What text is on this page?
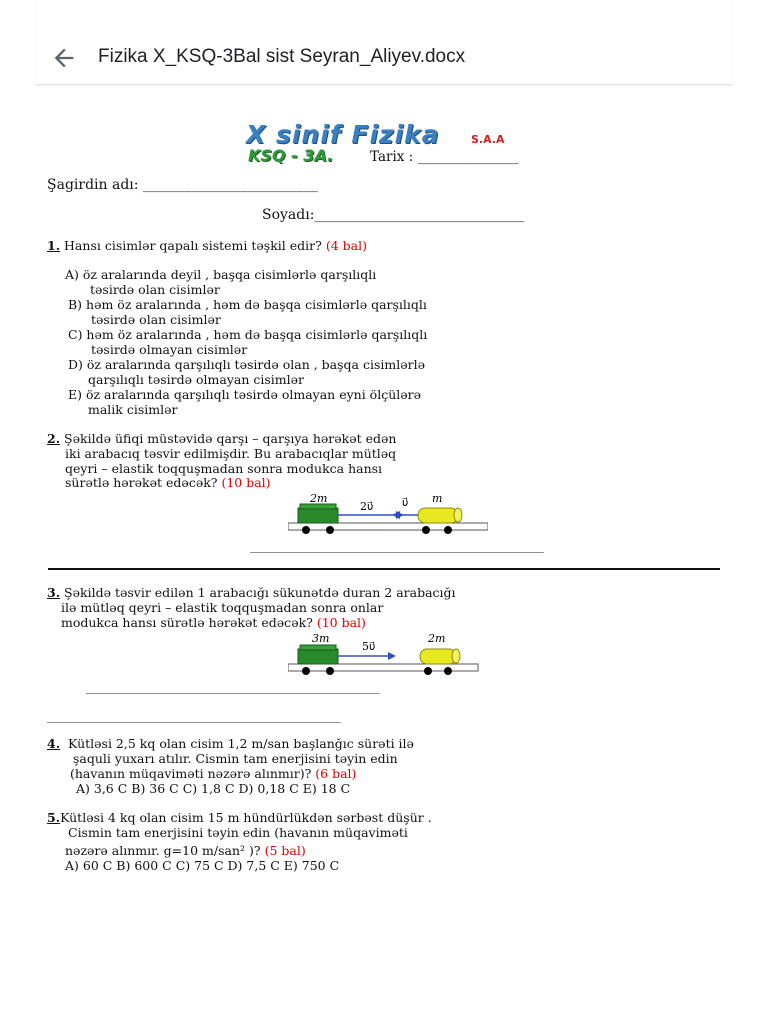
Fizika X_KSQ-3Bal sist Seyran_Aliyev.docx
X sinif Fizika	S.A.A
KSQ - 3A.	Tarix : _______________
Şagirdin adı: _________________________
Soyadı:______________________________
1. Hansı cisimlər qapalı sistemi təşkil edir? (4 bal)
A) öz aralarında deyil , başqa cisimlərlə qarşılıqlı
təsirdə olan cisimlər
B) həm öz aralarında , həm də başqa cisimlərlə qarşılıqlı
təsirdə olan cisimlər
C) həm öz aralarında , həm də başqa cisimlərlə qarşılıqlı
təsirdə olmayan cisimlər
D) öz aralarında qarşılıqlı təsirdə olan , başqa cisimlərlə
qarşılıqlı təsirdə olmayan cisimlər
E) öz aralarında qarşılıqlı təsirdə olmayan eyni ölçülərə
malik cisimlər
2. Şəkildə üfiqi müstəvidə qarşı – qarşıya hərəkət edən
iki arabacıq təsvir edilmişdir. Bu arabacıqlar mütləq
qeyri – elastik toqquşmadan sonra modukca hansı
sürətlə hərəkət edəcək? (10 bal)
2m
2υ⃗	υ⃗ m
_______________________________________________
3. Şəkildə təsvir edilən 1 arabacığı sükunətdə duran 2 arabacığı
ilə mütləq qeyri – elastik toqquşmadan sonra onlar
modukca hansı sürətlə hərəkət edəcək? (10 bal)
3m
5υ⃗
2m
_______________________________________________
_______________________________________________
4. Kütləsi 2,5 kq olan cisim 1,2 m/san başlanğıc sürəti ilə
şaquli yuxarı atılır. Cismin tam enerjisini təyin edin
(havanın müqaviməti nəzərə alınmır)? (6 bal)
A) 3,6 C B) 36 C C) 1,8 C D) 0,18 C E) 18 C
5.Kütləsi 4 kq olan cisim 15 m hündürlükdən sərbəst düşür .
Cismin tam enerjisini təyin edin (havanın müqaviməti
nəzərə alınmır. g=10 m/san² )? (5 bal)
A) 60 C B) 600 C C) 75 C D) 7,5 C E) 750 C
